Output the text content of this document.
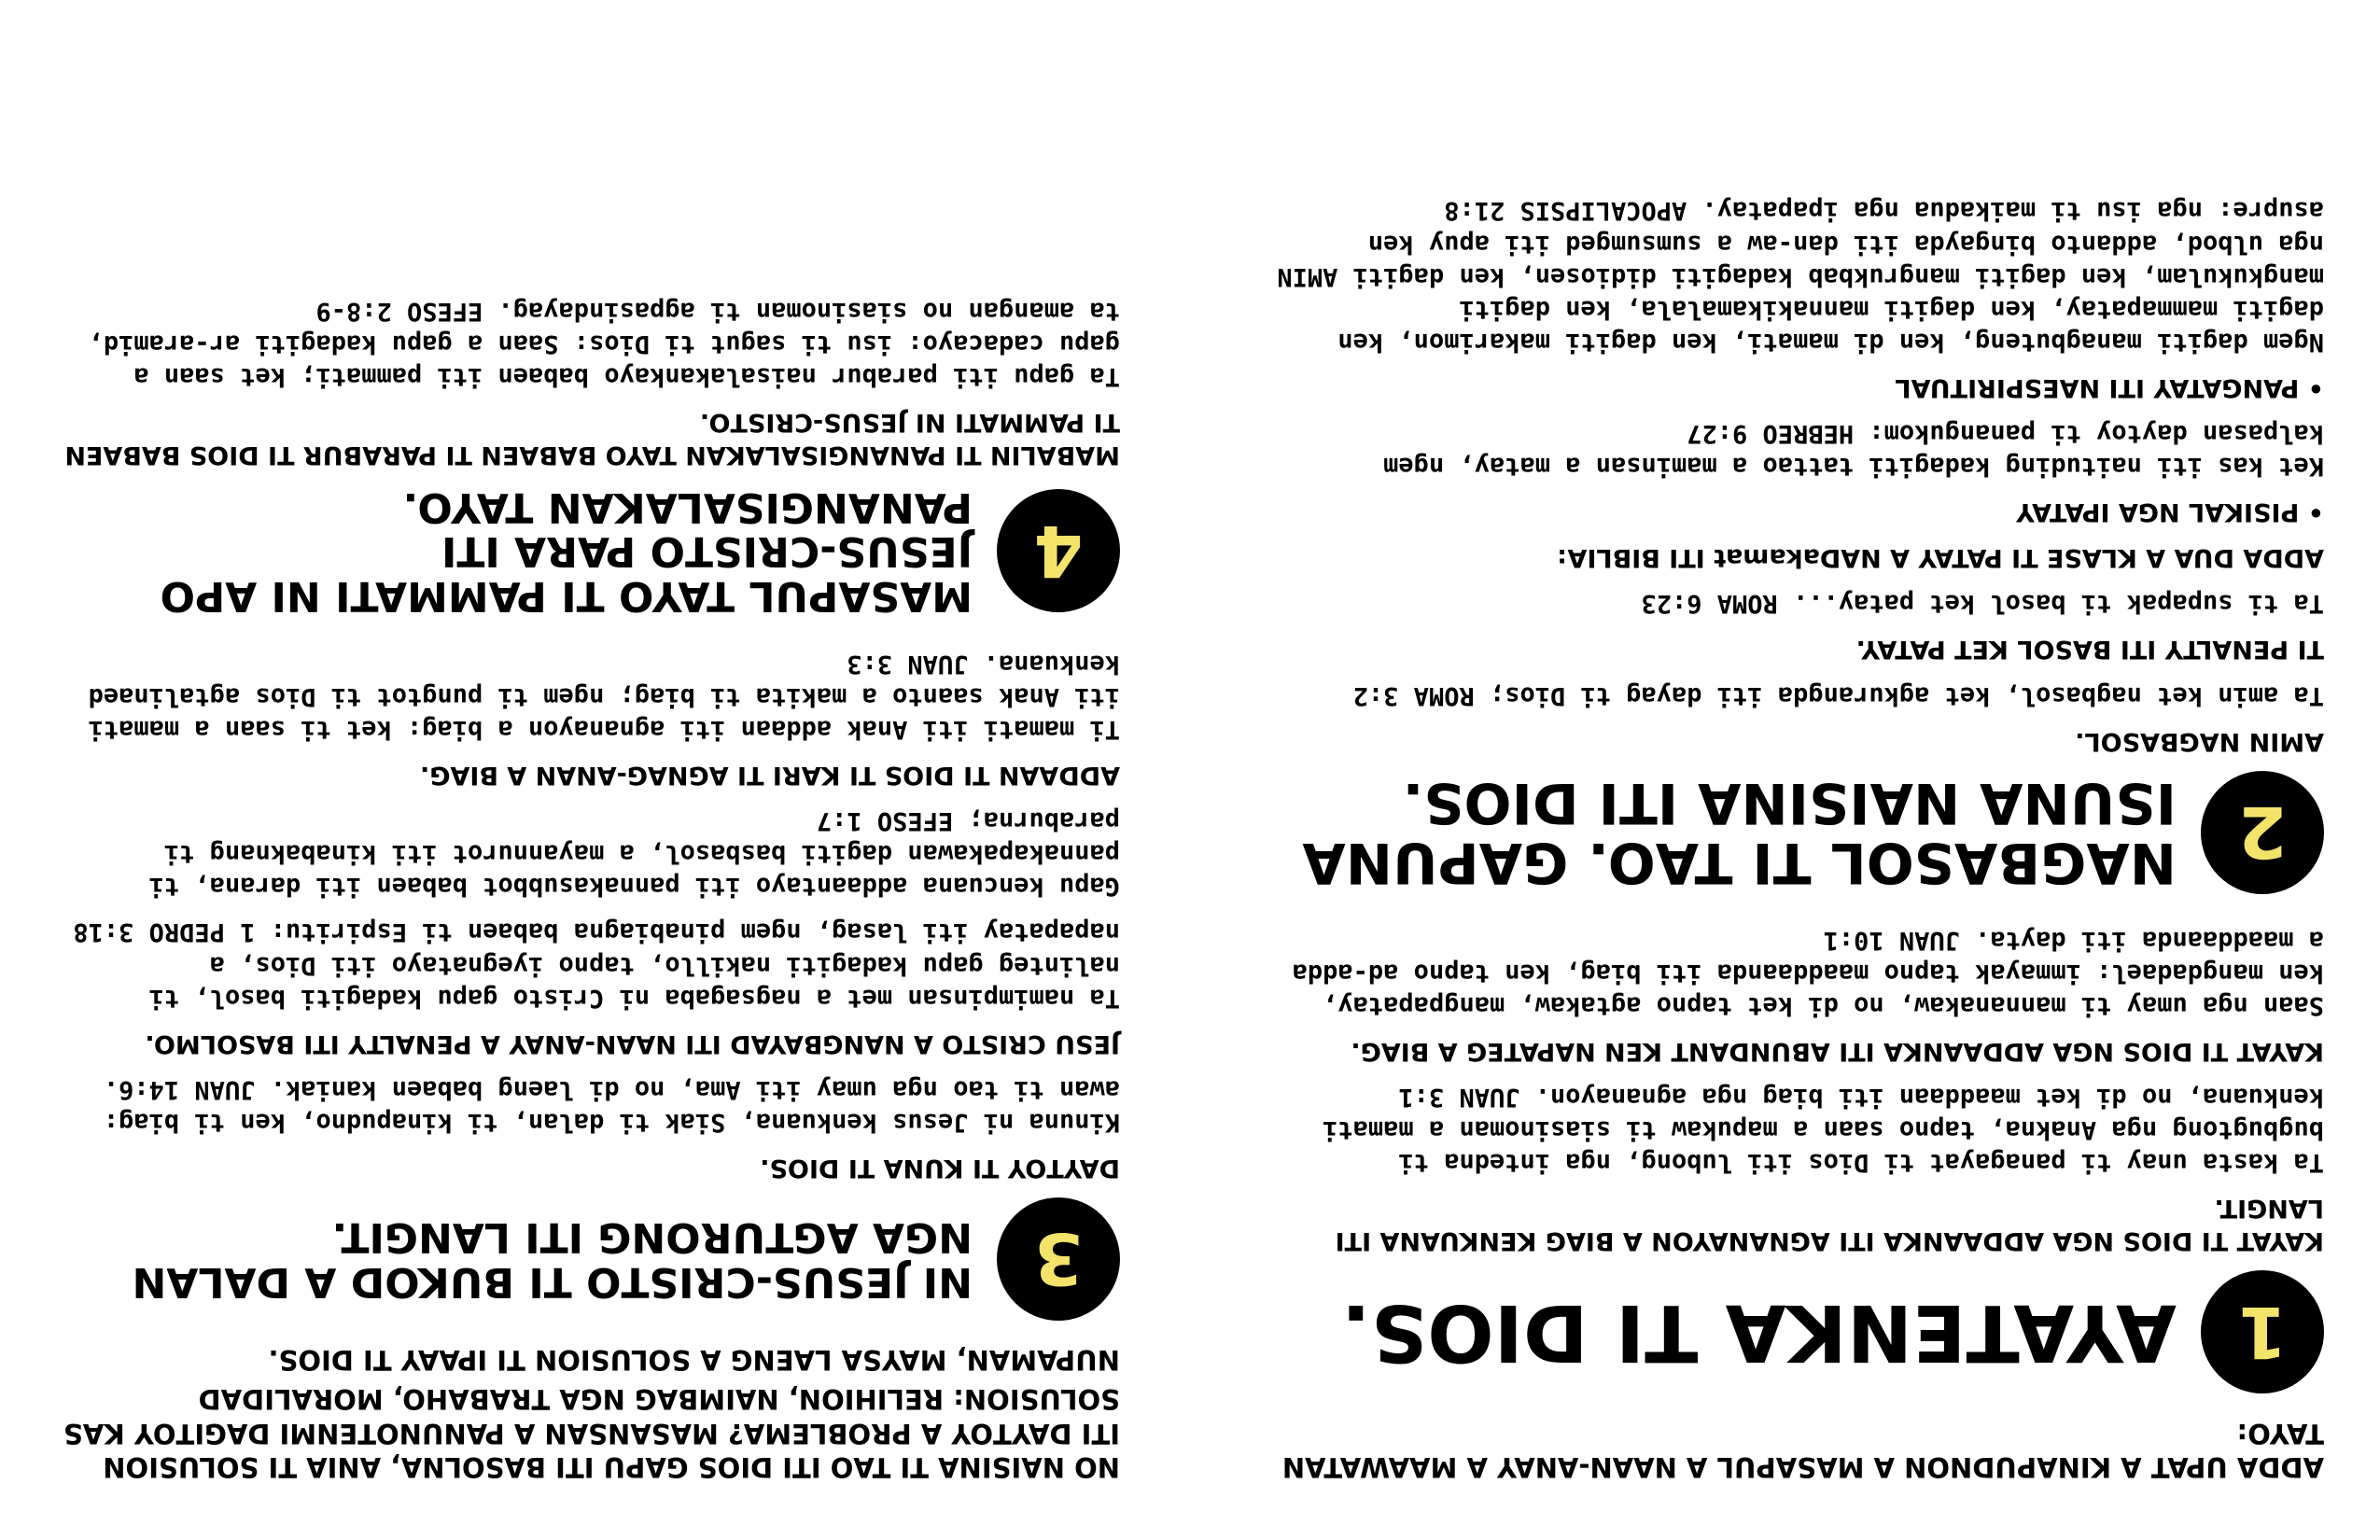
ADDA UPAT A KINAPUDNON A MASAPUL A NAAN-ANAY A MAAWATAN TAYO:
1
AYATENKA TI DIOS.
KAYAT TI DIOS NGA ADDAANKA ITI AGNANAYON A BIAG KENKUANA ITI LANGIT.
Ta kasta unay ti panagayat ti Dios iti lubong, nga intedna ti bugbugtong nga Anakna, tapno saan a mapukaw ti siasinoman a mamati kenkuana, no di ket maaddaan iti biag nga agnanayon. JUAN 3:1
KAYAT TI DIOS NGA ADDAANKA ITI ABUNDANT KEN NAPATEG A BIAG.
Saan nga umay ti mannanakaw, no di ket tapno agtakaw, mangpapatay, ken mangdadael: immayak tapno maaddaanda iti biag, ken tapno ad-adda a maaddaanda iti dayta. JUAN 10:1
2
NAGBASOL TI TAO. GAPUNA ISUNA NAISINA ITI DIOS.
AMIN NAGBASOL.
Ta amin ket nagbasol, ket agkurangda iti dayag ti Dios; ROMA 3:2
TI PENALTY ITI BASOL KET PATAY.
Ta ti supapak ti basol ket patay... ROMA 6:23
ADDA DUA A KLASE TI PATAY A NADakamat ITI BIBLIA:
• PISIKAL NGA IPATAY
Ket kas iti naituding kadagiti tattao a maminsan a matay, ngem kalpasan daytoy ti panangukom: HEBREO 9:27
• PANGATAY ITI NAESPIRITUAL
Ngem dagiti managbuteng, ken di mamati, ken dagiti makarimon, ken dagiti mammapatay, ken dagiti mannakikamalala, ken dagiti mangkukulam, ken dagiti mangrukbab kadagiti didiosen, ken dagiti AMIN nga ulbod, addanto bingayda iti dan-aw a sumsumged iti apuy ken asupre: nga isu ti maikadua nga ipapatay. APOCALIPSIS 21:8
NO NAISINA TI TAO ITI DIOS GAPU ITI BASOLNA, ANIA TI SOLUSION ITI DAYTOY A PROBLEMA? MASANSAN A PANUNOTENMI DAGITOY KAS SOLUSION: RELIHION, NAIMBAG NGA TRABAHO, MORALIDAD
NUPAMAN, MAYSA LAENG A SOLUSION TI IPAAY TI DIOS.
3
NI JESUS-CRISTO TI BUKOD A DALAN NGA AGTURONG ITI LANGIT.
DAYTOY TI KUNA TI DIOS.
Kinuna ni Jesus kenkuana, Siak ti dalan, ti kinapudno, ken ti biag: awan ti tao nga umay iti Ama, no di laeng babaen kaniak. JUAN 14:6.
JESU CRISTO A NANGBAYAD ITI NAAN-ANAY A PENALTY ITI BASOLMO.
Ta namimpinsan met a nagsagaba ni Cristo gapu kadagiti basol, ti nalinteg gapu kadagiti nakillo, tapno iyegnatayo iti Dios, a napapatay iti lasag, ngem pinabiagna babaen ti Espiritu: 1 PEDRO 3:18
Gapu kencuana addaantayo iti pannakasubbot babaen iti darana, ti pannakapakawan dagiti basbasol, a mayannurot iti kinabaknang ti paraburna; EFESO 1:7
ADDAAN TI DIOS TI KARI TI AGNAG-ANAN A BIAG.
Ti mamati iti Anak addaan iti agnanayon a biag: ket ti saan a mamati iti Anak saanto a makita ti biag; ngem ti pungtot ti Dios agtalinaed kenkuana. JUAN 3:3
4
MASAPUL TAYO TI PAMMATI NI APO JESUS-CRISTO PARA ITI PANANGISALAKAN TAYO.
MABALIN TI PANANGISALAKAN TAYO BABAEN TI PARABUR TI DIOS BABAEN TI PAMMATI NI JESUS-CRISTO.
Ta gapu iti parabur naisalakankayo babaen iti pammati; ket saan a gapu cadacayo: isu ti sagut ti Dios: Saan a gapu kadagiti ar-aramid, ta amangan no siasinoman ti agpasindayag. EFESO 2:8-9
